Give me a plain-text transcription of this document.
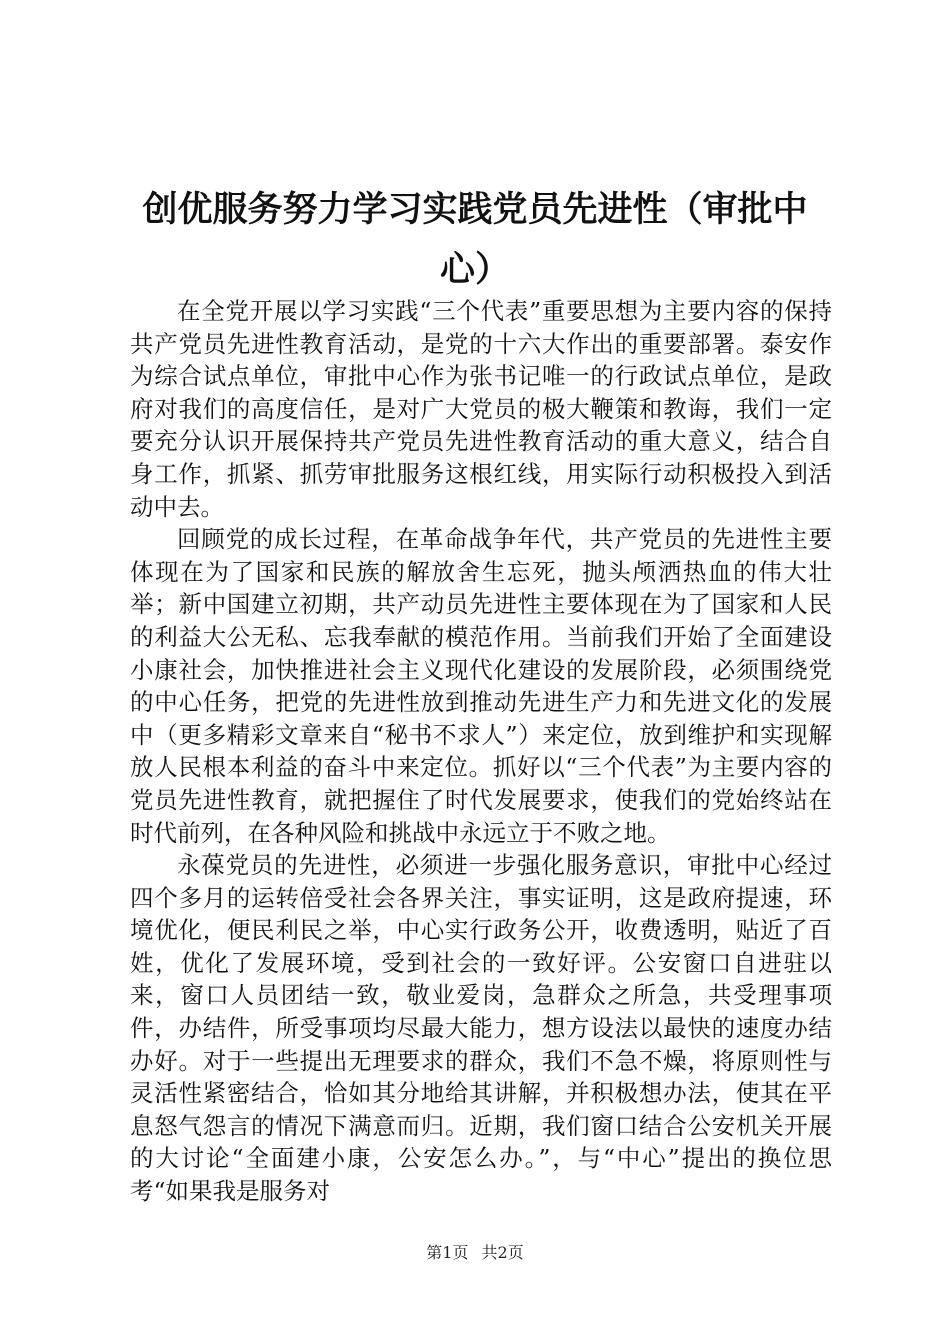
创优服务努力学习实践党员先进性（审批中心）

在全党开展以学习实践“三个代表”重要思想为主要内容的保持共产党员先进性教育活动，是党的十六大作出的重要部署。泰安作为综合试点单位，审批中心作为张书记唯一的行政试点单位，是政府对我们的高度信任，是对广大党员的极大鞭策和教诲，我们一定要充分认识开展保持共产党员先进性教育活动的重大意义，结合自身工作，抓紧、抓劳审批服务这根红线，用实际行动积极投入到活动中去。

回顾党的成长过程，在革命战争年代，共产党员的先进性主要体现在为了国家和民族的解放舍生忘死，抛头颅洒热血的伟大壮举；新中国建立初期，共产动员先进性主要体现在为了国家和人民的利益大公无私、忘我奉献的模范作用。当前我们开始了全面建设小康社会，加快推进社会主义现代化建设的发展阶段，必须围绕党的中心任务，把党的先进性放到推动先进生产力和先进文化的发展中（更多精彩文章来自“秘书不求人”）来定位，放到维护和实现解放人民根本利益的奋斗中来定位。抓好以“三个代表”为主要内容的党员先进性教育，就把握住了时代发展要求，使我们的党始终站在时代前列，在各种风险和挑战中永远立于不败之地。

永葆党员的先进性，必须进一步强化服务意识，审批中心经过四个多月的运转倍受社会各界关注，事实证明，这是政府提速，环境优化，便民利民之举，中心实行政务公开，收费透明，贴近了百姓，优化了发展环境，受到社会的一致好评。公安窗口自进驻以来，窗口人员团结一致，敬业爱岗，急群众之所急，共受理事项件，办结件，所受事项均尽最大能力，想方设法以最快的速度办结办好。对于一些提出无理要求的群众，我们不急不燥，将原则性与灵活性紧密结合，恰如其分地给其讲解，并积极想办法，使其在平息怒气怨言的情况下满意而归。近期，我们窗口结合公安机关开展的大讨论“全面建小康，公安怎么办。”，与“中心”提出的换位思考“如果我是服务对

第1页 共2页
